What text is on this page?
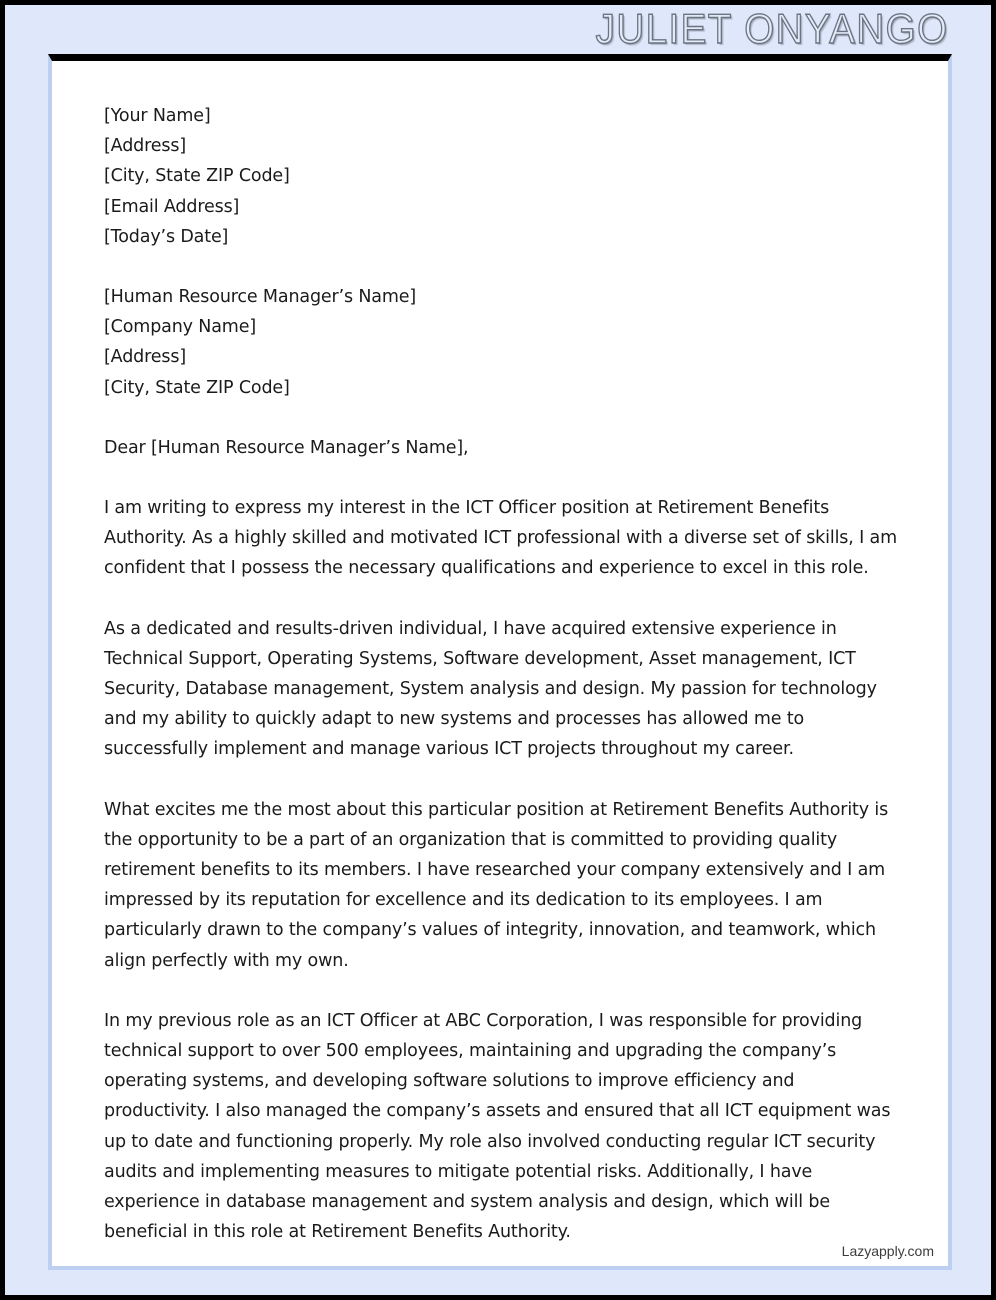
JULIET ONYANGO
[Your Name]
[Address]
[City, State ZIP Code]
[Email Address]
[Today’s Date]
[Human Resource Manager’s Name]
[Company Name]
[Address]
[City, State ZIP Code]

Dear [Human Resource Manager’s Name],

I am writing to express my interest in the ICT Officer position at Retirement Benefits Authority. As a highly skilled and motivated ICT professional with a diverse set of skills, I am confident that I possess the necessary qualifications and experience to excel in this role.

As a dedicated and results-driven individual, I have acquired extensive experience in Technical Support, Operating Systems, Software development, Asset management, ICT Security, Database management, System analysis and design. My passion for technology and my ability to quickly adapt to new systems and processes has allowed me to successfully implement and manage various ICT projects throughout my career.

What excites me the most about this particular position at Retirement Benefits Authority is the opportunity to be a part of an organization that is committed to providing quality retirement benefits to its members. I have researched your company extensively and I am impressed by its reputation for excellence and its dedication to its employees. I am particularly drawn to the company’s values of integrity, innovation, and teamwork, which align perfectly with my own.

In my previous role as an ICT Officer at ABC Corporation, I was responsible for providing technical support to over 500 employees, maintaining and upgrading the company’s operating systems, and developing software solutions to improve efficiency and productivity. I also managed the company’s assets and ensured that all ICT equipment was up to date and functioning properly. My role also involved conducting regular ICT security audits and implementing measures to mitigate potential risks. Additionally, I have experience in database management and system analysis and design, which will be beneficial in this role at Retirement Benefits Authority.

Lazyapply.com
